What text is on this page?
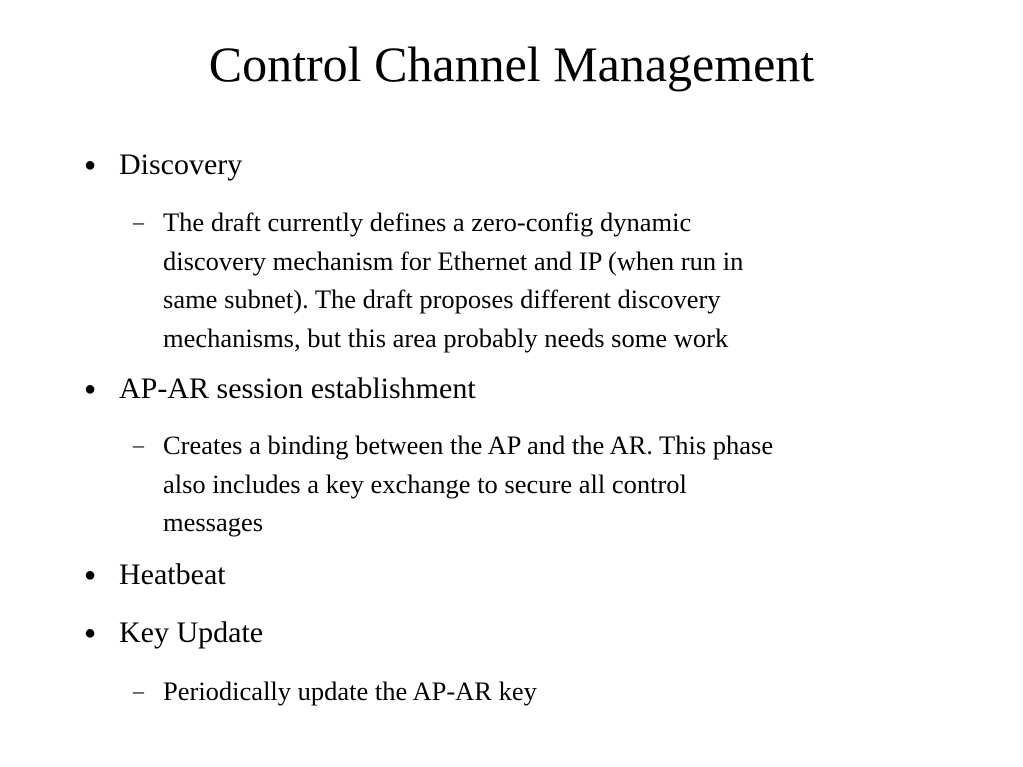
Control Channel Management
● Discovery
– The draft currently defines a zero-config dynamic
discovery mechanism for Ethernet and IP (when run in
same subnet). The draft proposes different discovery
mechanisms, but this area probably needs some work
● AP-AR session establishment
– Creates a binding between the AP and the AR. This phase
also includes a key exchange to secure all control
messages
● Heatbeat
● Key Update
– Periodically update the AP-AR key
